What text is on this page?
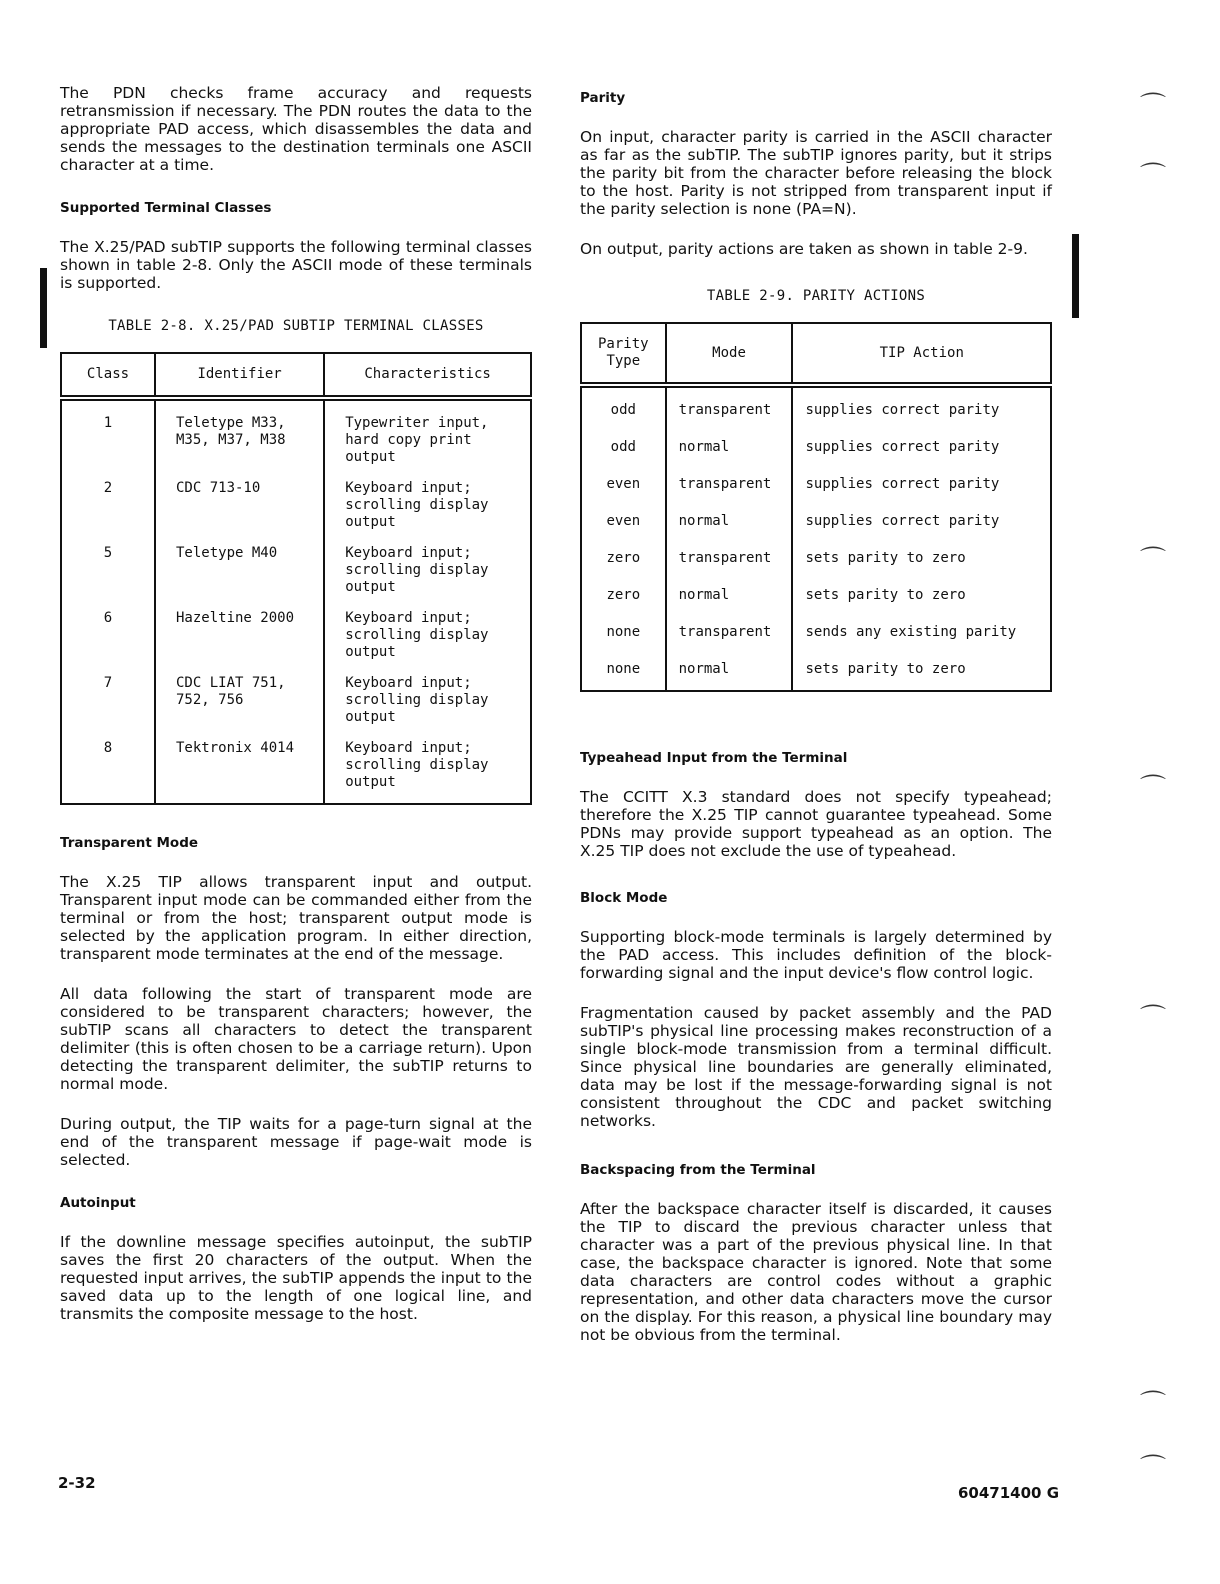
⌒
⌒
⌒
⌒
⌒
⌒
⌒

The PDN checks frame accuracy and requests retransmission if necessary. The PDN routes the data to the appropriate PAD access, which disassembles the data and sends the messages to the destination terminals one ASCII character at a time.

Supported Terminal Classes

The X.25/PAD subTIP supports the following terminal classes shown in table 2-8. Only the ASCII mode of these terminals is supported.

TABLE 2-8. X.25/PAD SUBTIP TERMINAL CLASSES
Class	Identifier	Characteristics
1	Teletype M33, M35, M37, M38	Typewriter input, hard copy print output
2	CDC 713-10	Keyboard input; scrolling display output
5	Teletype M40	Keyboard input; scrolling display output
6	Hazeltine 2000	Keyboard input; scrolling display output
7	CDC LIAT 751, 752, 756	Keyboard input; scrolling display output
8	Tektronix 4014	Keyboard input; scrolling display output
Transparent Mode

The X.25 TIP allows transparent input and output. Transparent input mode can be commanded either from the terminal or from the host; transparent output mode is selected by the application program. In either direction, transparent mode terminates at the end of the message.

All data following the start of transparent mode are considered to be transparent characters; however, the subTIP scans all characters to detect the transparent delimiter (this is often chosen to be a carriage return). Upon detecting the transparent delimiter, the subTIP returns to normal mode.

During output, the TIP waits for a page-turn signal at the end of the transparent message if page-wait mode is selected.

Autoinput

If the downline message specifies autoinput, the subTIP saves the first 20 characters of the output. When the requested input arrives, the subTIP appends the input to the saved data up to the length of one logical line, and transmits the composite message to the host.

Parity

On input, character parity is carried in the ASCII character as far as the subTIP. The subTIP ignores parity, but it strips the parity bit from the character before releasing the block to the host. Parity is not stripped from transparent input if the parity selection is none (PA=N).

On output, parity actions are taken as shown in table 2-9.

TABLE 2-9. PARITY ACTIONS
Parity Type	Mode	TIP Action
odd	transparent	supplies correct parity
odd	normal	supplies correct parity
even	transparent	supplies correct parity
even	normal	supplies correct parity
zero	transparent	sets parity to zero
zero	normal	sets parity to zero
none	transparent	sends any existing parity
none	normal	sets parity to zero
Typeahead Input from the Terminal

The CCITT X.3 standard does not specify typeahead; therefore the X.25 TIP cannot guarantee typeahead. Some PDNs may provide support typeahead as an option. The X.25 TIP does not exclude the use of typeahead.

Block Mode

Supporting block-mode terminals is largely determined by the PAD access. This includes definition of the block-forwarding signal and the input device's flow control logic.

Fragmentation caused by packet assembly and the PAD subTIP's physical line processing makes reconstruction of a single block-mode transmission from a terminal difficult. Since physical line boundaries are generally eliminated, data may be lost if the message-forwarding signal is not consistent throughout the CDC and packet switching networks.

Backspacing from the Terminal

After the backspace character itself is discarded, it causes the TIP to discard the previous character unless that character was a part of the previous physical line. In that case, the backspace character is ignored. Note that some data characters are control codes without a graphic representation, and other data characters move the cursor on the display. For this reason, a physical line boundary may not be obvious from the terminal.

2-32
60471400 G
